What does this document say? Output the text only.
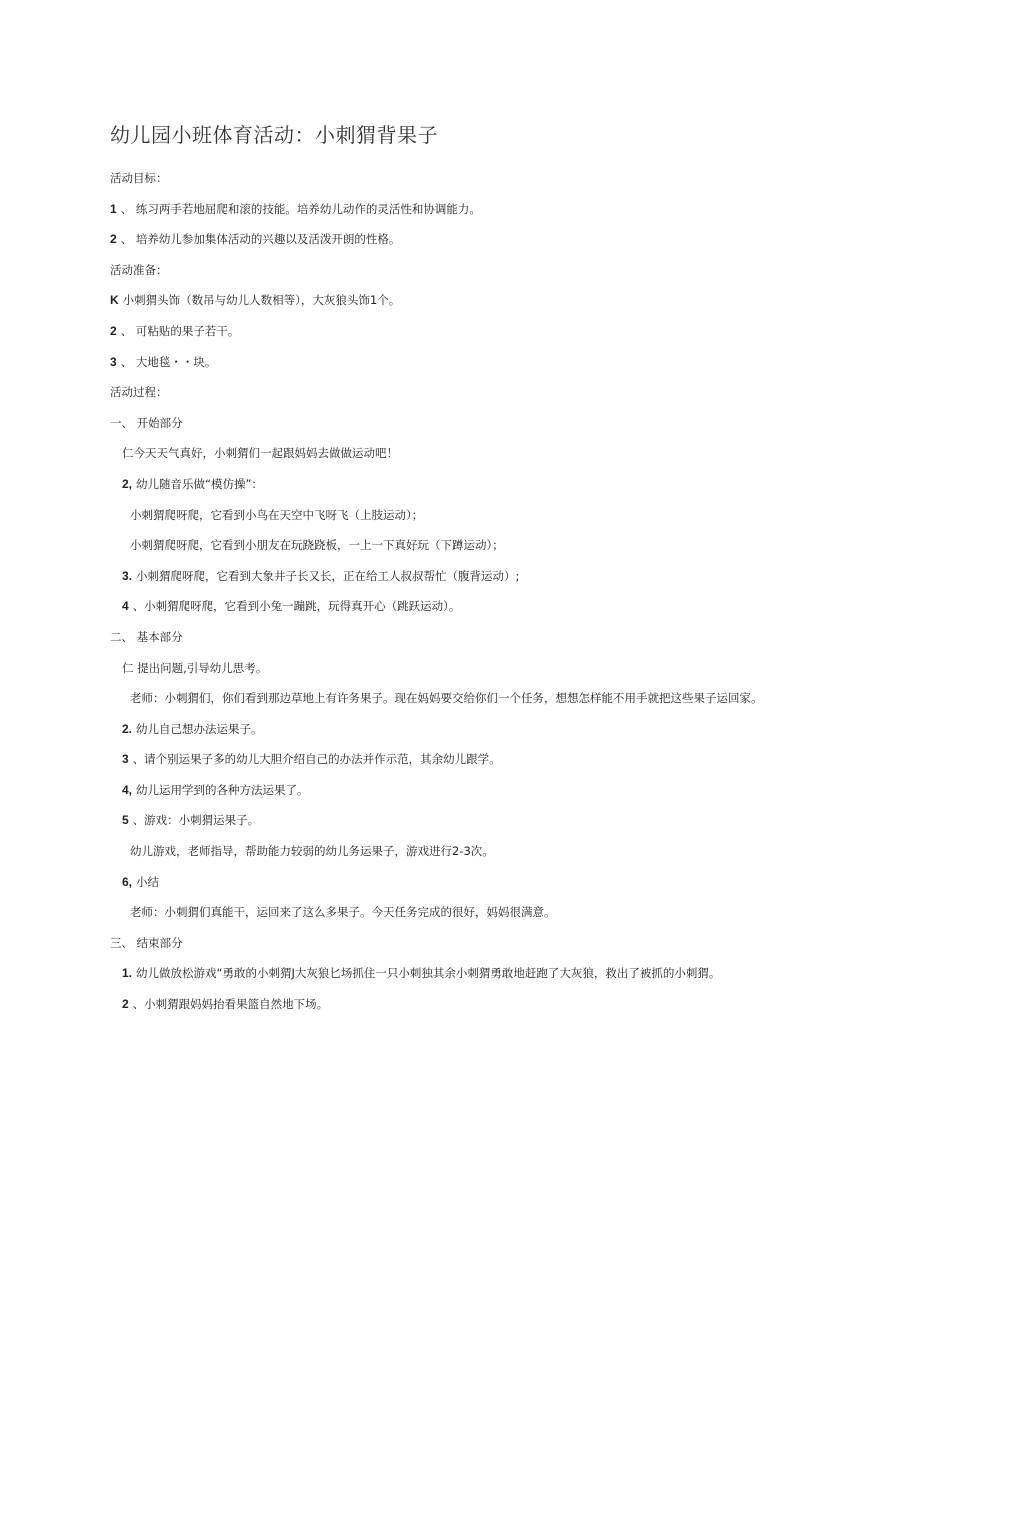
幼儿园小班体育活动：小刺猬背果子
活动目标：
1 、 练习两手若地屈爬和滚的技能。培养幼儿动作的灵活性和协调能力。
2 、 培养幼儿参加集体活动的兴趣以及活泼开朗的性格。
活动准备：
K 小刺猬头饰（数吊与幼儿人数相等），大灰狼头饰1个。
2 、 可粘贴的果子若干。
3 、 大地毯・・块。
活动过程：
一、 开始部分
仁今天天气真好，小刺猬们一起跟妈妈去做做运动吧！
2, 幼儿随音乐做“模仿操”：
小刺猬爬呀爬，它看到小鸟在天空中飞呀飞（上肢运动）；
小刺猬爬呀爬，它看到小朋友在玩跷跷板，一上一下真好玩（下蹲运动）；
3. 小刺猬爬呀爬，它看到大象井子长又长，正在给工人叔叔帮忙（腹背运动）;
4 、小刺猬爬呀爬，它看到小兔一蹦跳，玩得真开心（跳跃运动）。
二、 基本部分
仁 提出问题,引导幼儿思考。
老师：小刺猬们，你们看到那边草地上有许务果子。现在妈妈要交给你们一个任务，想想怎样能不用手就把这些果子运回家。
2. 幼儿自己想办法运果子。
3 、请个别运果子多的幼儿大胆介绍自己的办法并作示范，其余幼儿跟学。
4, 幼儿运用学到的各种方法运果了。
5 、游戏：小刺猬运果子。
幼儿游戏，老师指导，帮助能力较弱的幼儿务运果子，游戏进行2-3次。
6, 小结
老师：小刺猬们真能干，运回来了这么多果子。今天任务完成的很好，妈妈很满意。
三、 结束部分
1. 幼儿做放松游戏“勇敢的小刺猬J大灰狼匕场抓住一只小刺独其余小刺猬勇敢地赶跑了大灰狼，救出了被抓的小刺猬。
2 、小刺猬跟妈妈抬看果篮自然地下场。
